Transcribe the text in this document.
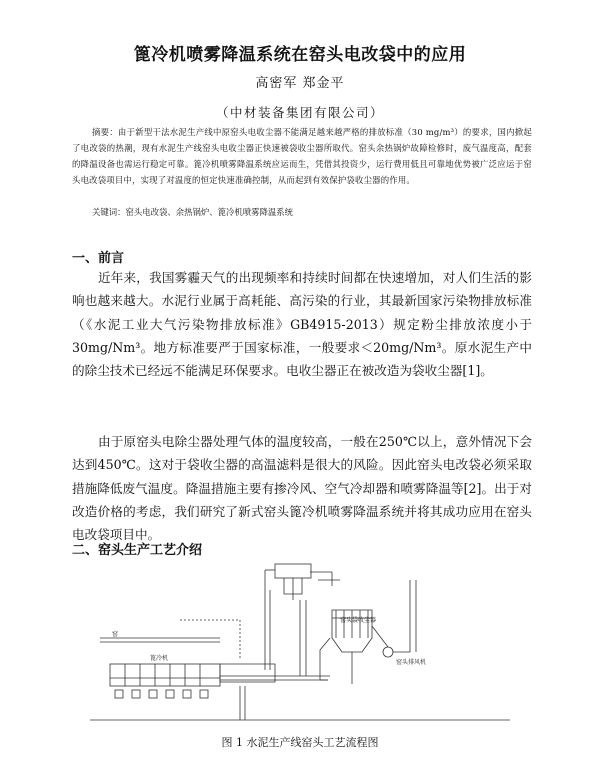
篦冷机喷雾降温系统在窑头电改袋中的应用
高密军 郑金平
（中材装备集团有限公司）

摘要：由于新型干法水泥生产线中原窑头电收尘器不能满足越来越严格的排放标准（30 mg/m³）的要求，国内掀起了电改袋的热潮，现有水泥生产线窑头电收尘器正快速被袋收尘器所取代。窑头余热锅炉故障检修时，废气温度高，配套的降温设备也需运行稳定可靠。篦冷机喷雾降温系统应运而生，凭借其投资少，运行费用低且可靠地优势被广泛应运于窑头电改袋项目中，实现了对温度的恒定快速准确控制，从而起到有效保护袋收尘器的作用。

关键词：窑头电改袋、余热锅炉、篦冷机喷雾降温系统
一、前言

近年来，我国雾霾天气的出现频率和持续时间都在快速增加，对人们生活的影响也越来越大。水泥行业属于高耗能、高污染的行业，其最新国家污染物排放标准（《水泥工业大气污染物排放标准》GB4915-2013）规定粉尘排放浓度小于 30mg/Nm³。地方标准要严于国家标准，一般要求＜20mg/Nm³。原水泥生产中的除尘技术已经远不能满足环保要求。电收尘器正在被改造为袋收尘器[1]。

由于原窑头电除尘器处理气体的温度较高，一般在250℃以上，意外情况下会达到450℃。这对于袋收尘器的高温滤料是很大的风险。因此窑头电改袋必须采取措施降低废气温度。降温措施主要有掺冷风、空气冷却器和喷雾降温等[2]。出于对改造价格的考虑，我们研究了新式窑头篦冷机喷雾降温系统并将其成功应用在窑头电改袋项目中。

二、窑头生产工艺介绍
窑头袋收尘器
窑
篦冷机
窑头排风机
图 1 水泥生产线窑头工艺流程图
